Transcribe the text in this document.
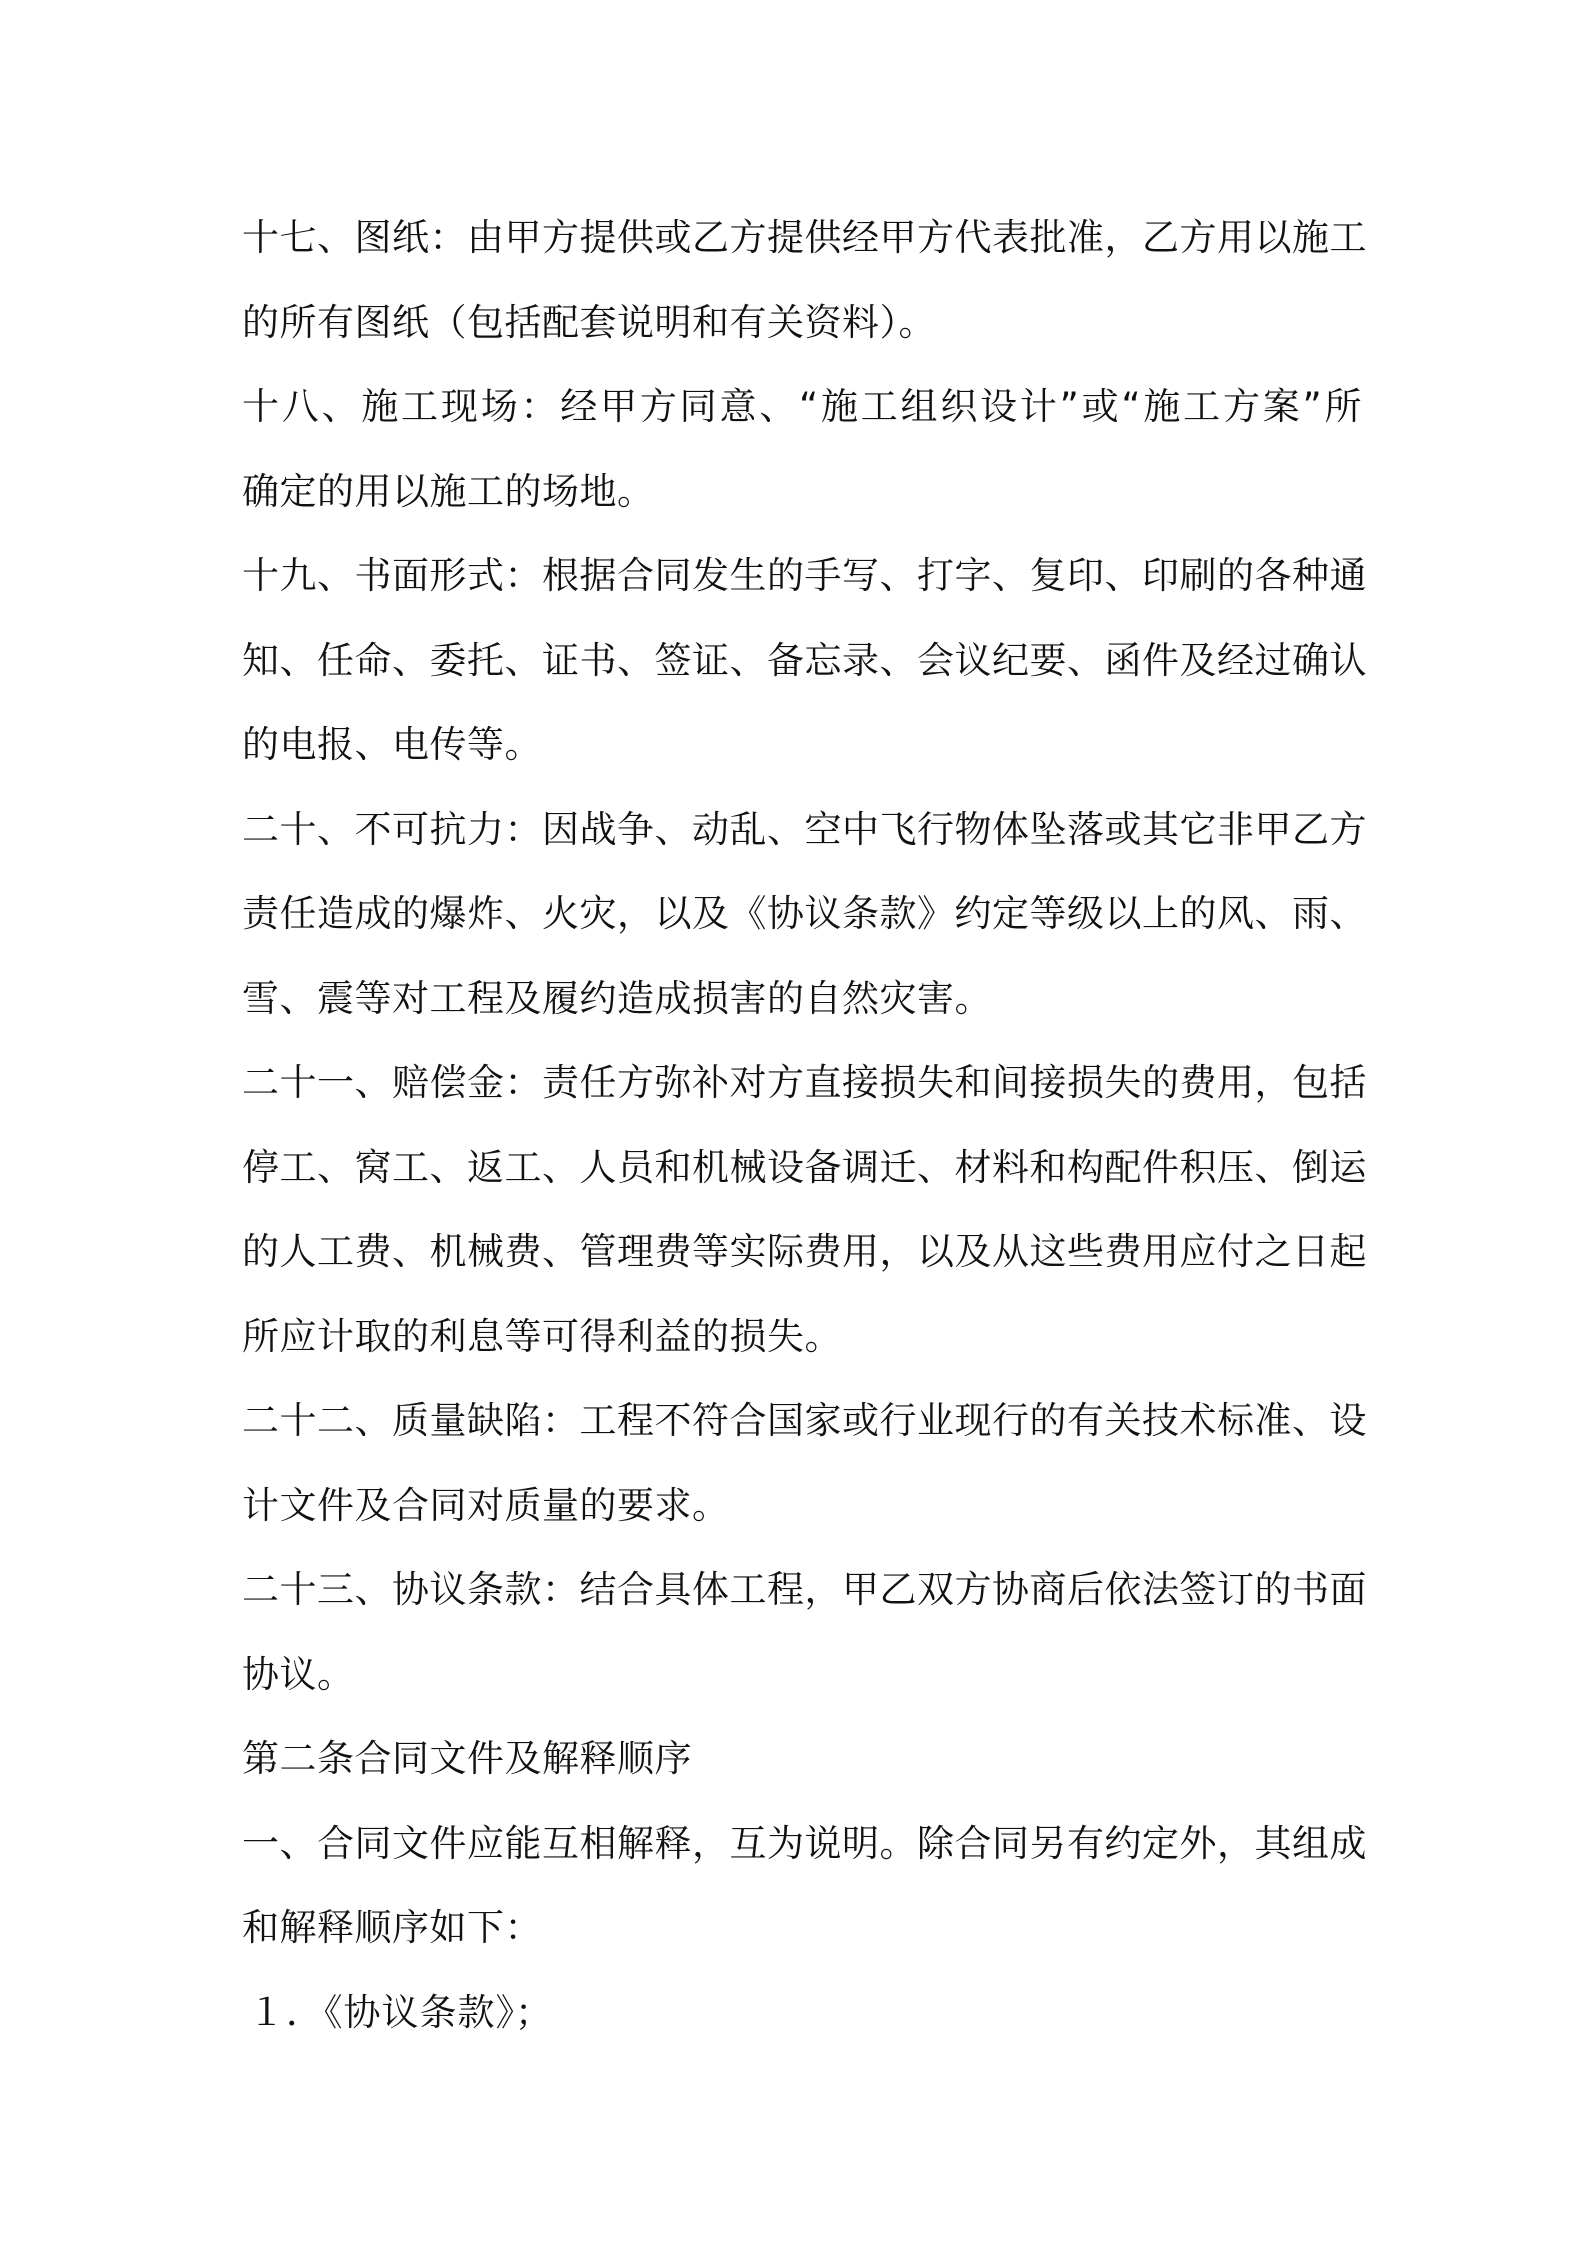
十七、图纸：由甲方提供或乙方提供经甲方代表批准，乙方用以施工
的所有图纸（包括配套说明和有关资料）。
十八、施工现场：经甲方同意、“施工组织设计”或“施工方案”所
确定的用以施工的场地。
十九、书面形式：根据合同发生的手写、打字、复印、印刷的各种通
知、任命、委托、证书、签证、备忘录、会议纪要、函件及经过确认
的电报、电传等。
二十、不可抗力：因战争、动乱、空中飞行物体坠落或其它非甲乙方
责任造成的爆炸、火灾，以及《协议条款》约定等级以上的风、雨、
雪、震等对工程及履约造成损害的自然灾害。
二十一、赔偿金：责任方弥补对方直接损失和间接损失的费用，包括
停工、窝工、返工、人员和机械设备调迁、材料和构配件积压、倒运
的人工费、机械费、管理费等实际费用，以及从这些费用应付之日起
所应计取的利息等可得利益的损失。
二十二、质量缺陷：工程不符合国家或行业现行的有关技术标准、设
计文件及合同对质量的要求。
二十三、协议条款：结合具体工程，甲乙双方协商后依法签订的书面
协议。
第二条合同文件及解释顺序
一、合同文件应能互相解释，互为说明。除合同另有约定外，其组成
和解释顺序如下：
１．《协议条款》；
